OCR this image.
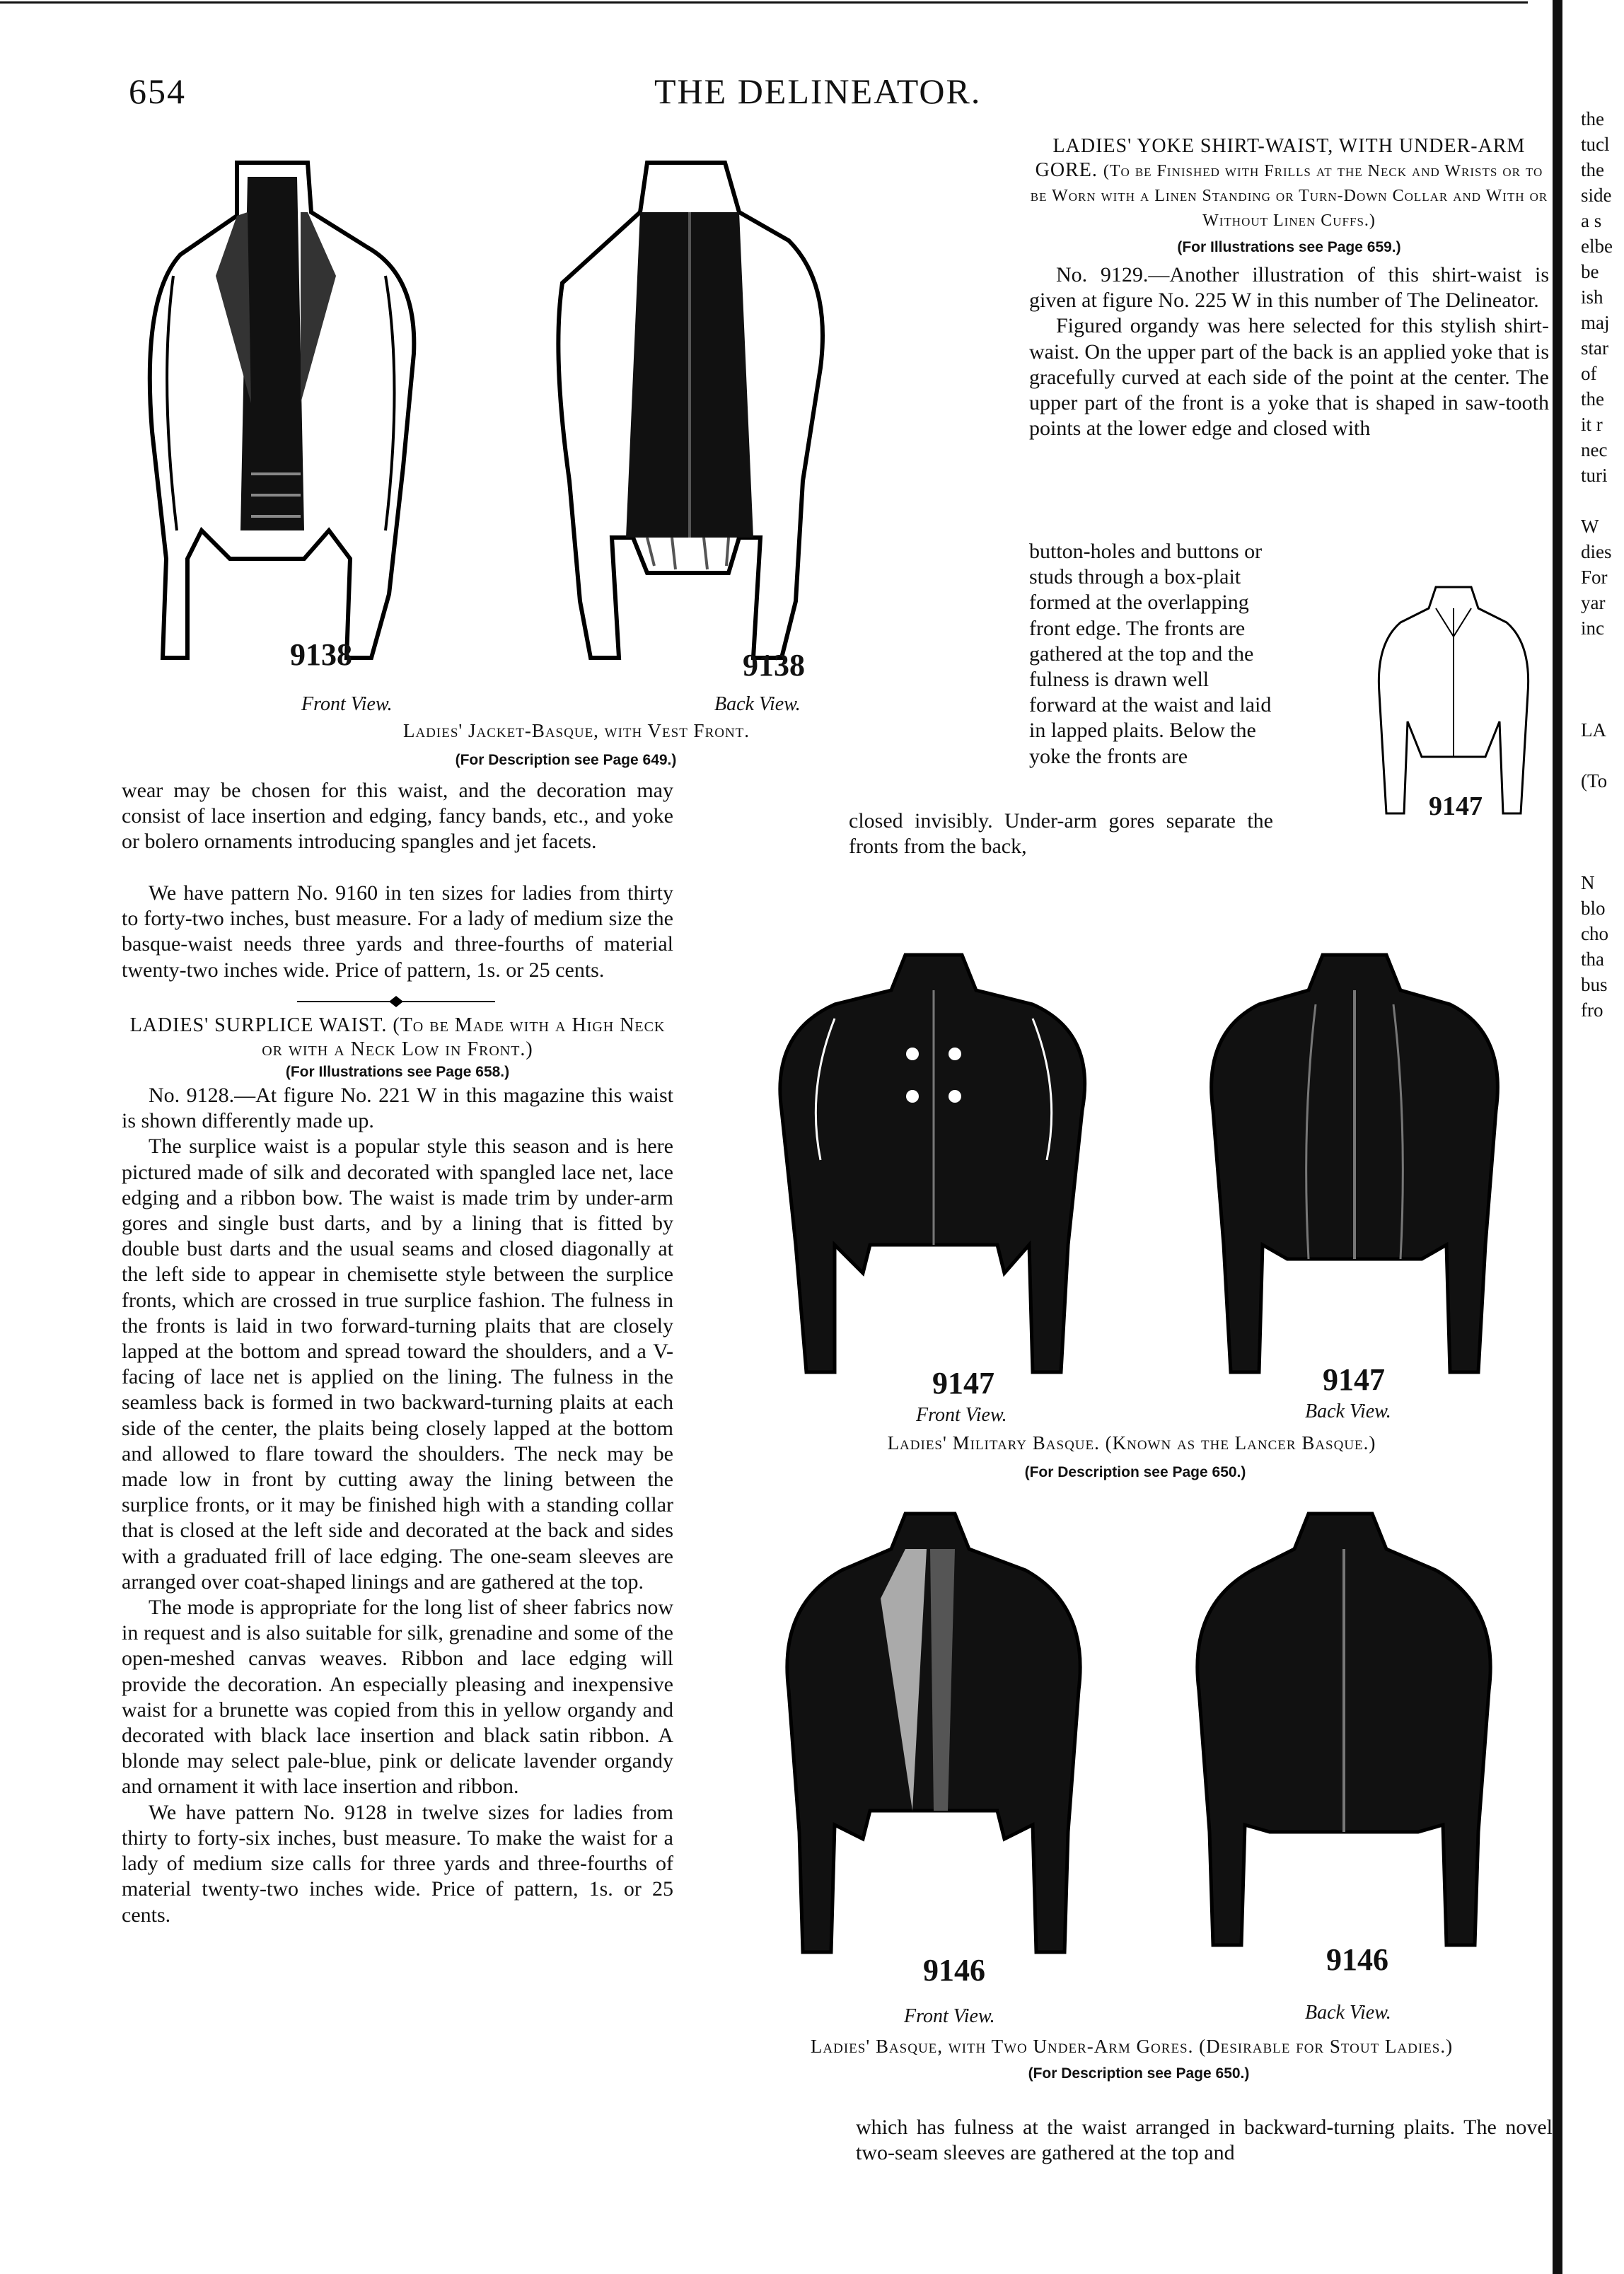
654	THE DELINEATOR.
9138
Front View.
9138
Back View.
Ladies' Jacket-Basque, with Vest Front.
(For Description see Page 649.)

wear may be chosen for this waist, and the decoration may consist of lace insertion and edging, fancy bands, etc., and yoke or bolero ornaments introducing spangles and jet facets.

We have pattern No. 9160 in ten sizes for ladies from thirty to forty-two inches, bust measure. For a lady of medium size the basque-waist needs three yards and three-fourths of material twenty-two inches wide. Price of pattern, 1s. or 25 cents.

LADIES' SURPLICE WAIST. (To be Made with a High Neck or with a Neck Low in Front.)
(For Illustrations see Page 658.)

No. 9128.—At figure No. 221 W in this magazine this waist is shown differently made up.

The surplice waist is a popular style this season and is here pictured made of silk and decorated with spangled lace net, lace edging and a ribbon bow. The waist is made trim by under-arm gores and single bust darts, and by a lining that is fitted by double bust darts and the usual seams and closed diagonally at the left side to appear in chemisette style between the surplice fronts, which are crossed in true surplice fashion. The fulness in the fronts is laid in two forward-turning plaits that are closely lapped at the bottom and spread toward the shoulders, and a V-facing of lace net is applied on the lining. The fulness in the seamless back is formed in two backward-turning plaits at each side of the center, the plaits being closely lapped at the bottom and allowed to flare toward the shoulders. The neck may be made low in front by cutting away the lining between the surplice fronts, or it may be finished high with a standing collar that is closed at the left side and decorated at the back and sides with a graduated frill of lace edging. The one-seam sleeves are arranged over coat-shaped linings and are gathered at the top.

The mode is appropriate for the long list of sheer fabrics now in request and is also suitable for silk, grenadine and some of the open-meshed canvas weaves. Ribbon and lace edging will provide the decoration. An especially pleasing and inexpensive waist for a brunette was copied from this in yellow organdy and decorated with black lace insertion and black satin ribbon. A blonde may select pale-blue, pink or delicate lavender organdy and ornament it with lace insertion and ribbon.

We have pattern No. 9128 in twelve sizes for ladies from thirty to forty-six inches, bust measure. To make the waist for a lady of medium size calls for three yards and three-fourths of material twenty-two inches wide. Price of pattern, 1s. or 25 cents.

LADIES' YOKE SHIRT-WAIST, WITH UNDER-ARM GORE. (To be Finished with Frills at the Neck and Wrists or to be Worn with a Linen Standing or Turn-Down Collar and With or Without Linen Cuffs.)
(For Illustrations see Page 659.)

No. 9129.—Another illustration of this shirt-waist is given at figure No. 225 W in this number of The Delineator.

Figured organdy was here selected for this stylish shirt-waist. On the upper part of the back is an applied yoke that is gracefully curved at each side of the point at the center. The upper part of the front is a yoke that is shaped in saw-tooth points at the lower edge and closed with

button-holes and buttons or studs through a box-plait formed at the overlapping front edge. The fronts are gathered at the top and the fulness is drawn well forward at the waist and laid in lapped plaits. Below the yoke the fronts are

closed invisibly. Under-arm gores separate the fronts from the back,

9147
9147
Front View.
9147
Back View.
Ladies' Military Basque. (Known as the Lancer Basque.)
(For Description see Page 650.)
9146
Front View.
9146
Back View.
Ladies' Basque, with Two Under-Arm Gores. (Desirable for Stout Ladies.)
(For Description see Page 650.)

which has fulness at the waist arranged in backward-turning plaits. The novel two-seam sleeves are gathered at the top and

the
tucl
the
side
a s
elbe
be
ish
maj
star
of
the
it r
nec
turi
W
dies
For
yar
inc
LA
(To
N
blo
cho
tha
bus
fro
